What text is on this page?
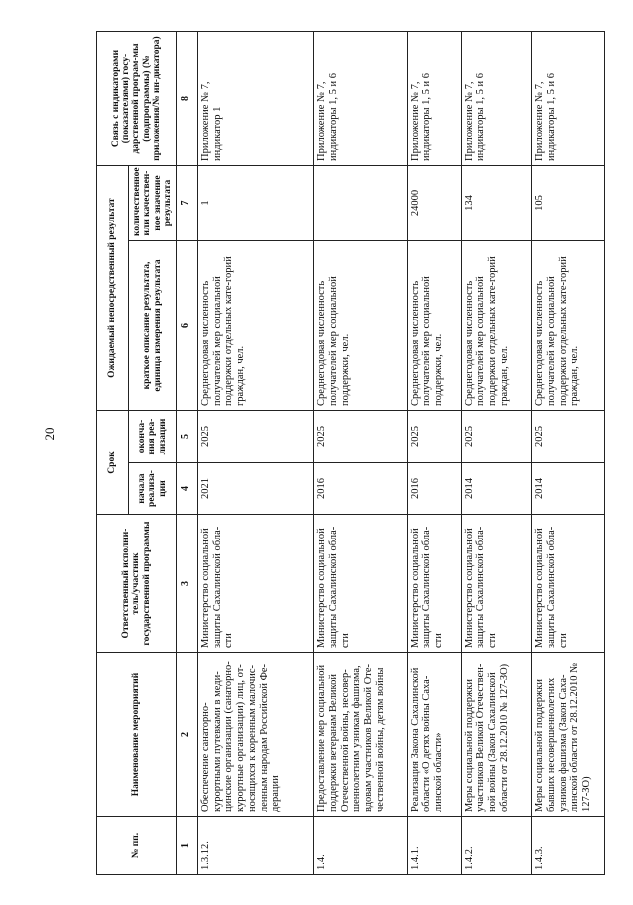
20
№ пп.	Наименование мероприятий	Ответственный исполни-тель/участник государственной программы	Срок		Ожидаемый непосредственный результат		Связь с индикаторами (показателями) госу-дарственной програм-мы (подпрограммы) (№ приложения/№ ин-дикатора)
			начала реализа-ции	оконча-ния реа-лизации	краткое описание результата, единица измерения результата	количественное или качествен-ное значение результата	
1	2	3	4	5	6	7	8
1.3.12.	Обеспечение санаторно-курортными путевками в меди-цинские организации (санаторно-курортные организации) лиц, от-носящихся к коренным малочис-ленным народам Российской Фе-дерации	Министерство социальной защиты Сахалинской обла-сти	2021	2025	Среднегодовая численность получателей мер социальной поддержки отдельных кате-горий граждан, чел.	1	Приложение № 7, индикатор 1
1.4.	Предоставление мер социальной поддержки ветеранам Великой Отечественной войны, несовер-шеннолетним узникам фашизма, вдовам участников Великой Оте-чественной войны, детям войны	Министерство социальной защиты Сахалинской обла-сти	2016	2025	Среднегодовая численность получателей мер социальной поддержки, чел.		Приложение № 7, индикаторы 1, 5 и 6
1.4.1.	Реализация Закона Сахалинской области «О детях войны Саха-линской области»	Министерство социальной защиты Сахалинской обла-сти	2016	2025	Среднегодовая численность получателей мер социальной поддержки, чел.	24000	Приложение № 7, индикаторы 1, 5 и 6
1.4.2.	Меры социальной поддержки участников Великой Отечествен-ной войны (Закон Сахалинской области от 28.12.2010 № 127-ЗО)	Министерство социальной защиты Сахалинской обла-сти	2014	2025	Среднегодовая численность получателей мер социальной поддержки отдельных кате-горий граждан, чел.	134	Приложение № 7, индикаторы 1, 5 и 6
1.4.3.	Меры социальной поддержки бывших несовершеннолетних узников фашизма (Закон Саха-линской области от 28.12.2010 № 127-ЗО)	Министерство социальной защиты Сахалинской обла-сти	2014	2025	Среднегодовая численность получателей мер социальной поддержки отдельных кате-горий граждан, чел.	105	Приложение № 7, индикаторы 1, 5 и 6
